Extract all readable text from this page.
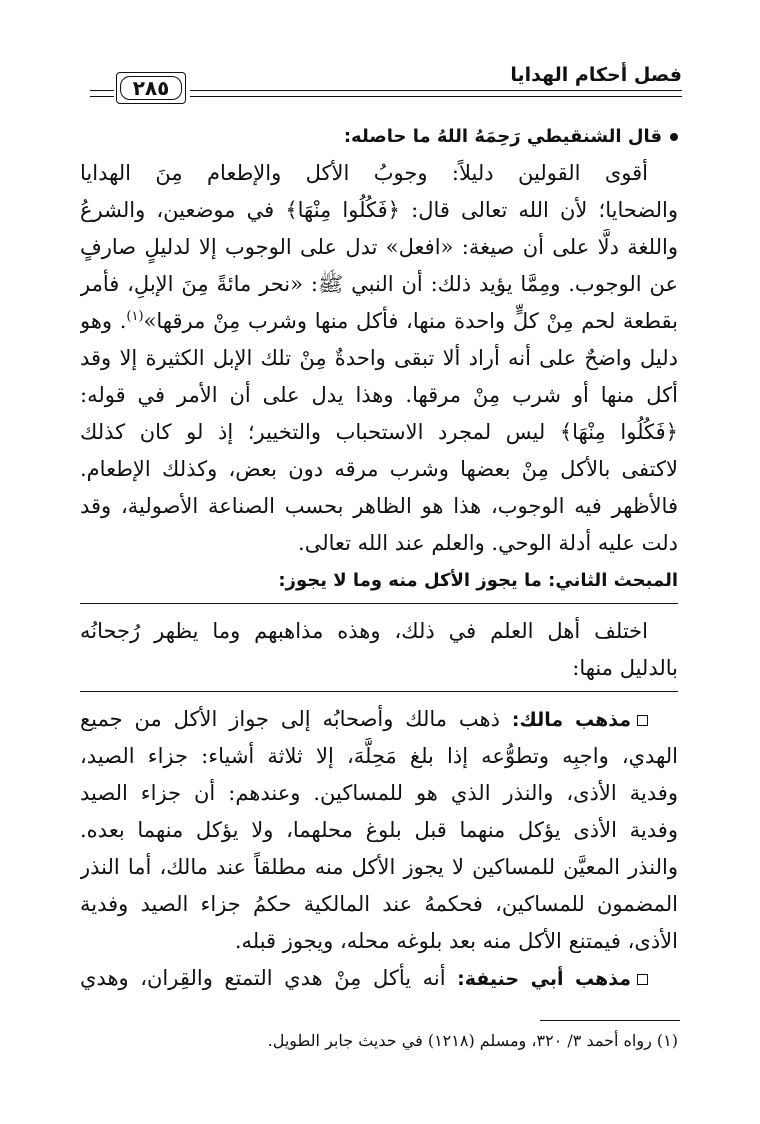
فصل أحكام الهدايا
٢٨٥
قال الشنقيطي رَحِمَهُ اللهُ ما حاصله:
أقوى القولين دليلاً: وجوبُ الأكل والإطعام مِنَ الهدايا
والضحايا؛ لأن الله تعالى قال: ﴿فَكُلُوا مِنْهَا﴾ في موضعين، والشرعُ
واللغة دلَّا على أن صيغة: «افعل» تدل على الوجوب إلا لدليلٍ صارفٍ
عن الوجوب. ومِمَّا يؤيد ذلك: أن النبي ﷺ: «نحر مائةً مِنَ الإبلِ، فأمر
بقطعة لحم مِنْ كلٍّ واحدة منها، فأكل منها وشرب مِنْ مرقها»$^{(١)}$. وهو
دليل واضحٌ على أنه أراد ألا تبقى واحدةٌ مِنْ تلك الإبل الكثيرة إلا وقد
أكل منها أو شرب مِنْ مرقها. وهذا يدل على أن الأمر في قوله:
﴿فَكُلُوا مِنْهَا﴾ ليس لمجرد الاستحباب والتخيير؛ إذ لو كان كذلك
لاكتفى بالأكل مِنْ بعضها وشرب مرقه دون بعض، وكذلك الإطعام.
فالأظهر فيه الوجوب، هذا هو الظاهر بحسب الصناعة الأصولية، وقد
دلت عليه أدلة الوحي. والعلم عند الله تعالى.
المبحث الثاني: ما يجوز الأكل منه وما لا يجوز:
اختلف أهل العلم في ذلك، وهذه مذاهبهم وما يظهر رُجحانُه
بالدليل منها:
مذهب مالك: ذهب مالك وأصحابُه إلى جواز الأكل من جميع
الهدي، واجبِه وتطوُّعه إذا بلغ مَحِلَّهَ، إلا ثلاثة أشياء: جزاء الصيد،
وفدية الأذى، والنذر الذي هو للمساكين. وعندهم: أن جزاء الصيد
وفدية الأذى يؤكل منهما قبل بلوغ محلهما، ولا يؤكل منهما بعده.
والنذر المعيَّن للمساكين لا يجوز الأكل منه مطلقاً عند مالك، أما النذر
المضمون للمساكين، فحكمهُ عند المالكية حكمُ جزاء الصيد وفدية
الأذى، فيمتنع الأكل منه بعد بلوغه محله، ويجوز قبله.
مذهب أبي حنيفة: أنه يأكل مِنْ هدي التمتع والقِران، وهدي
(١) رواه أحمد ٣/ ٣٢٠، ومسلم (١٢١٨) في حديث جابر الطويل.
